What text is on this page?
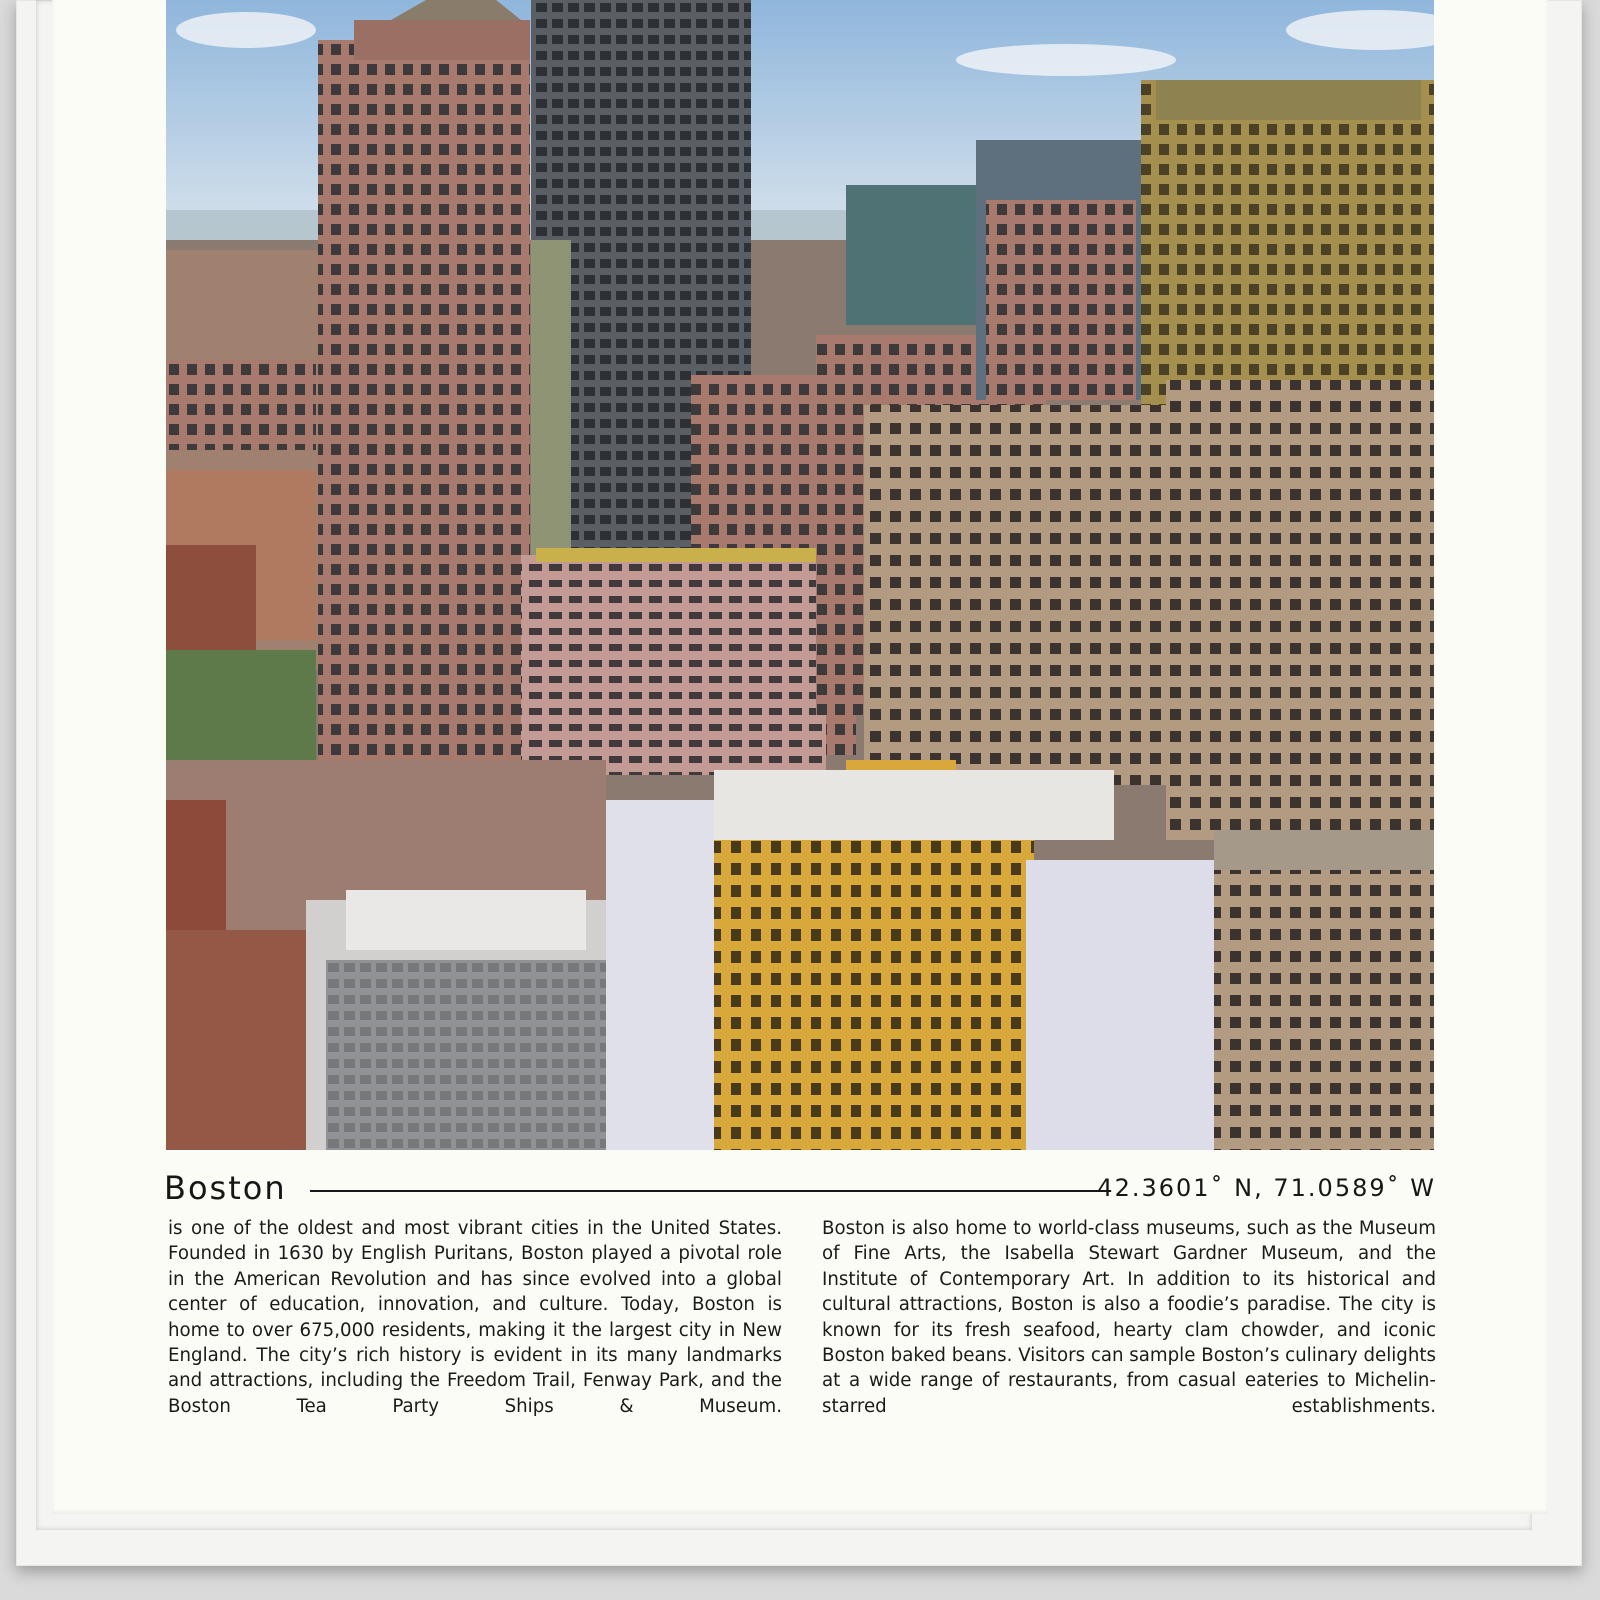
Boston	42.3601˚ N, 71.0589˚ W
is one of the oldest and most vibrant cities in the United States. Founded in 1630 by English Puritans, Boston played a pivotal role in the American Revolution and has since evolved into a global center of education, innovation, and culture. Today, Boston is home to over 675,000 residents, making it the largest city in New England. The city’s rich history is evident in its many landmarks and attractions, including the Freedom Trail, Fenway Park, and the Boston Tea Party Ships & Museum.
Boston is also home to world-class museums, such as the Museum of Fine Arts, the Isabella Stewart Gardner Museum, and the Institute of Contemporary Art. In addition to its historical and cultural attractions, Boston is also a foodie’s paradise. The city is known for its fresh seafood, hearty clam chowder, and iconic Boston baked beans. Visitors can sample Boston’s culinary delights at a wide range of restaurants, from casual eateries to Michelin-starred establishments.
